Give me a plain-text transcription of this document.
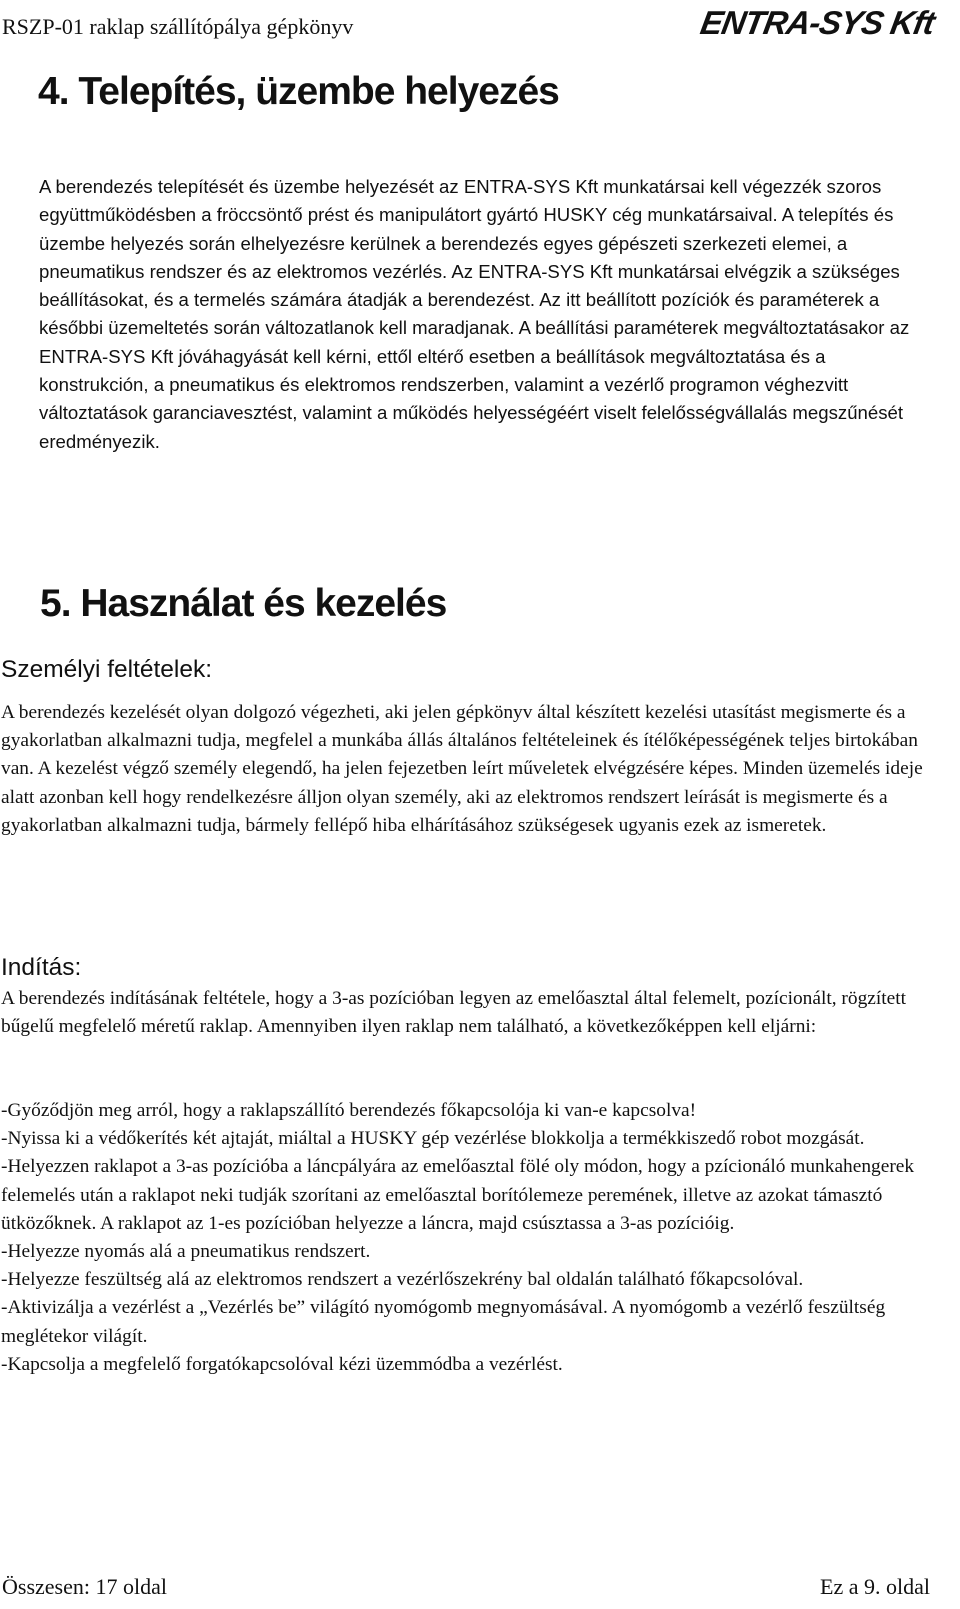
RSZP-01 raklap szállítópálya gépkönyv	ENTRA-SYS Kft
4. Telepítés, üzembe helyezés

A berendezés telepítését és üzembe helyezését az ENTRA-SYS Kft munkatársai kell végezzék szoros együttműködésben a fröccsöntő prést és manipulátort gyártó HUSKY cég munkatársaival. A telepítés és üzembe helyezés során elhelyezésre kerülnek a berendezés egyes gépészeti szerkezeti elemei, a pneumatikus rendszer és az elektromos vezérlés. Az ENTRA-SYS Kft munkatársai elvégzik a szükséges beállításokat, és a termelés számára átadják a berendezést. Az itt beállított pozíciók és paraméterek a későbbi üzemeltetés során változatlanok kell maradjanak. A beállítási paraméterek megváltoztatásakor az ENTRA-SYS Kft jóváhagyását kell kérni, ettől eltérő esetben a beállítások megváltoztatása és a konstrukción, a pneumatikus és elektromos rendszerben, valamint a vezérlő programon véghezvitt változtatások garanciavesztést, valamint a működés helyességéért viselt felelősségvállalás megszűnését eredményezik.

5. Használat és kezelés
Személyi feltételek:

A berendezés kezelését olyan dolgozó végezheti, aki jelen gépkönyv által készített kezelési utasítást megismerte és a gyakorlatban alkalmazni tudja, megfelel a munkába állás általános feltételeinek és ítélőképességének teljes birtokában van. A kezelést végző személy elegendő, ha jelen fejezetben leírt műveletek elvégzésére képes. Minden üzemelés ideje alatt azonban kell hogy rendelkezésre álljon olyan személy, aki az elektromos rendszert leírását is megismerte és a gyakorlatban alkalmazni tudja, bármely fellépő hiba elhárításához szükségesek ugyanis ezek az ismeretek.

Indítás:

A berendezés indításának feltétele, hogy a 3-as pozícióban legyen az emelőasztal által felemelt, pozícionált, rögzített bűgelű megfelelő méretű raklap. Amennyiben ilyen raklap nem található, a következőképpen kell eljárni:

-Győződjön meg arról, hogy a raklapszállító berendezés főkapcsolója ki van-e kapcsolva!
-Nyissa ki a védőkerítés két ajtaját, miáltal a HUSKY gép vezérlése blokkolja a termékkiszedő robot mozgását.
-Helyezzen raklapot a 3-as pozícióba a láncpályára az emelőasztal fölé oly módon, hogy a pzícionáló munkahengerek felemelés után a raklapot neki tudják szorítani az emelőasztal borítólemeze peremének, illetve az azokat támasztó ütközőknek. A raklapot az 1-es pozícióban helyezze a láncra, majd csúsztassa a 3-as pozícióig.
-Helyezze nyomás alá a pneumatikus rendszert.
-Helyezze feszültség alá az elektromos rendszert a vezérlőszekrény bal oldalán található főkapcsolóval.
-Aktivizálja a vezérlést a „Vezérlés be” világító nyomógomb megnyomásával. A nyomógomb a vezérlő feszültség meglétekor világít.
-Kapcsolja a megfelelő forgatókapcsolóval kézi üzemmódba a vezérlést.
Összesen: 17 oldal	Ez a 9. oldal
